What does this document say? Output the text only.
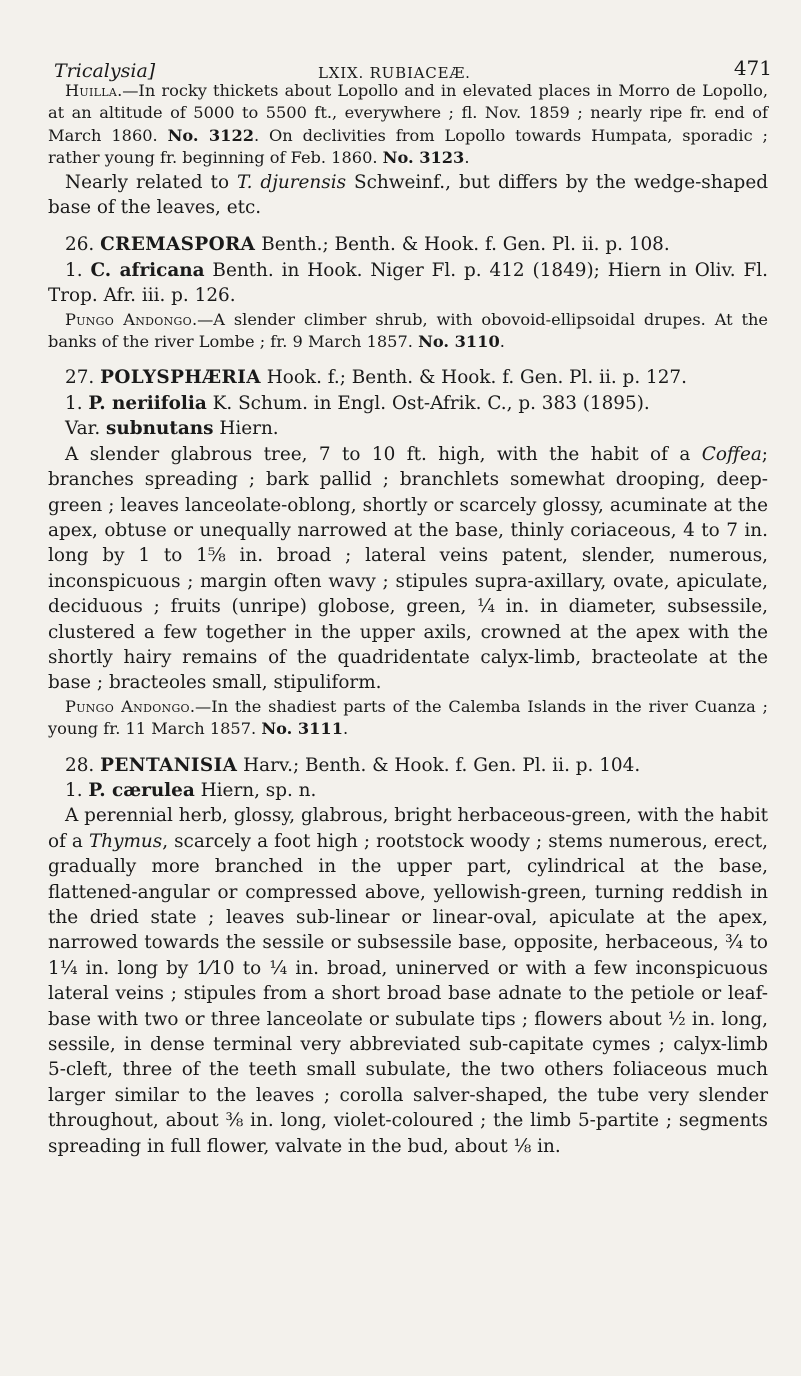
Tricalysia]	LXIX. RUBIACEÆ.	471

Huilla.—In rocky thickets about Lopollo and in elevated places in Morro de Lopollo, at an altitude of 5000 to 5500 ft., everywhere ; fl. Nov. 1859 ; nearly ripe fr. end of March 1860. No. 3122. On declivities from Lopollo towards Humpata, sporadic ; rather young fr. beginning of Feb. 1860. No. 3123.

Nearly related to T. djurensis Schweinf., but differs by the wedge-shaped base of the leaves, etc.

26. CREMASPORA Benth.; Benth. & Hook. f. Gen. Pl. ii. p. 108.

1. C. africana Benth. in Hook. Niger Fl. p. 412 (1849); Hiern in Oliv. Fl. Trop. Afr. iii. p. 126.

Pungo Andongo.—A slender climber shrub, with obovoid-ellipsoidal drupes. At the banks of the river Lombe ; fr. 9 March 1857. No. 3110.

27. POLYSPHÆRIA Hook. f.; Benth. & Hook. f. Gen. Pl. ii. p. 127.

1. P. neriifolia K. Schum. in Engl. Ost-Afrik. C., p. 383 (1895).

Var. subnutans Hiern.

A slender glabrous tree, 7 to 10 ft. high, with the habit of a Coffea; branches spreading ; bark pallid ; branchlets somewhat drooping, deep-green ; leaves lanceolate-oblong, shortly or scarcely glossy, acuminate at the apex, obtuse or unequally narrowed at the base, thinly coriaceous, 4 to 7 in. long by 1 to 1⅝ in. broad ; lateral veins patent, slender, numerous, inconspicuous ; margin often wavy ; stipules supra-axillary, ovate, apiculate, deciduous ; fruits (unripe) globose, green, ¼ in. in diameter, subsessile, clustered a few together in the upper axils, crowned at the apex with the shortly hairy remains of the quadridentate calyx-limb, bracteolate at the base ; bracteoles small, stipuliform.

Pungo Andongo.—In the shadiest parts of the Calemba Islands in the river Cuanza ; young fr. 11 March 1857. No. 3111.

28. PENTANISIA Harv.; Benth. & Hook. f. Gen. Pl. ii. p. 104.

1. P. cærulea Hiern, sp. n.

A perennial herb, glossy, glabrous, bright herbaceous-green, with the habit of a Thymus, scarcely a foot high ; rootstock woody ; stems numerous, erect, gradually more branched in the upper part, cylindrical at the base, flattened-angular or compressed above, yellowish-green, turning reddish in the dried state ; leaves sub-linear or linear-oval, apiculate at the apex, narrowed towards the sessile or subsessile base, opposite, herbaceous, ¾ to 1¼ in. long by 1⁄10 to ¼ in. broad, uninerved or with a few inconspicuous lateral veins ; stipules from a short broad base adnate to the petiole or leaf-base with two or three lanceolate or subulate tips ; flowers about ½ in. long, sessile, in dense terminal very abbreviated sub-capitate cymes ; calyx-limb 5-cleft, three of the teeth small subulate, the two others foliaceous much larger similar to the leaves ; corolla salver-shaped, the tube very slender throughout, about ⅜ in. long, violet-coloured ; the limb 5-partite ; segments spreading in full flower, valvate in the bud, about ⅛ in.
